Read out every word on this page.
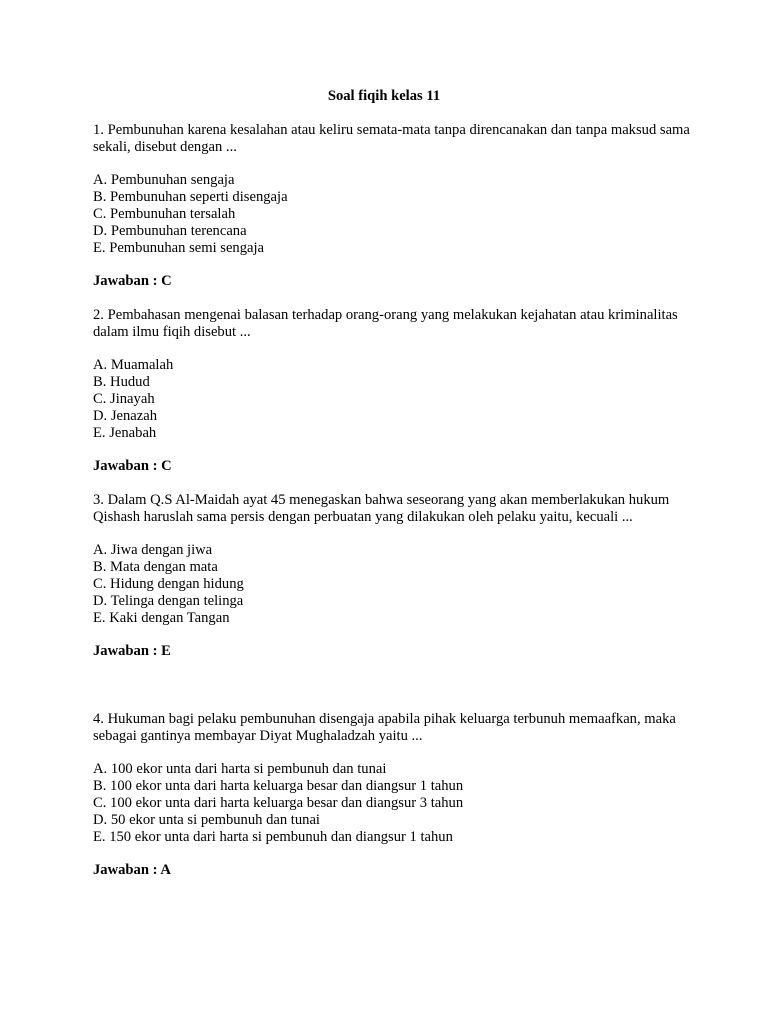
Soal fiqih kelas 11

1. Pembunuhan karena kesalahan atau keliru semata-mata tanpa direncanakan dan tanpa maksud sama sekali, disebut dengan ...

A. Pembunuhan sengaja
B. Pembunuhan seperti disengaja
C. Pembunuhan tersalah
D. Pembunuhan terencana
E. Pembunuhan semi sengaja
Jawaban : C

2. Pembahasan mengenai balasan terhadap orang-orang yang melakukan kejahatan atau kriminalitas dalam ilmu fiqih disebut ...

A. Muamalah
B. Hudud
C. Jinayah
D. Jenazah
E. Jenabah
Jawaban : C

3. Dalam Q.S Al-Maidah ayat 45 menegaskan bahwa seseorang yang akan memberlakukan hukum Qishash haruslah sama persis dengan perbuatan yang dilakukan oleh pelaku yaitu, kecuali ...

A. Jiwa dengan jiwa
B. Mata dengan mata
C. Hidung dengan hidung
D. Telinga dengan telinga
E. Kaki dengan Tangan
Jawaban : E

4. Hukuman bagi pelaku pembunuhan disengaja apabila pihak keluarga terbunuh memaafkan, maka sebagai gantinya membayar Diyat Mughaladzah yaitu ...

A. 100 ekor unta dari harta si pembunuh dan tunai
B. 100 ekor unta dari harta keluarga besar dan diangsur 1 tahun
C. 100 ekor unta dari harta keluarga besar dan diangsur 3 tahun
D. 50 ekor unta si pembunuh dan tunai
E. 150 ekor unta dari harta si pembunuh dan diangsur 1 tahun
Jawaban : A
